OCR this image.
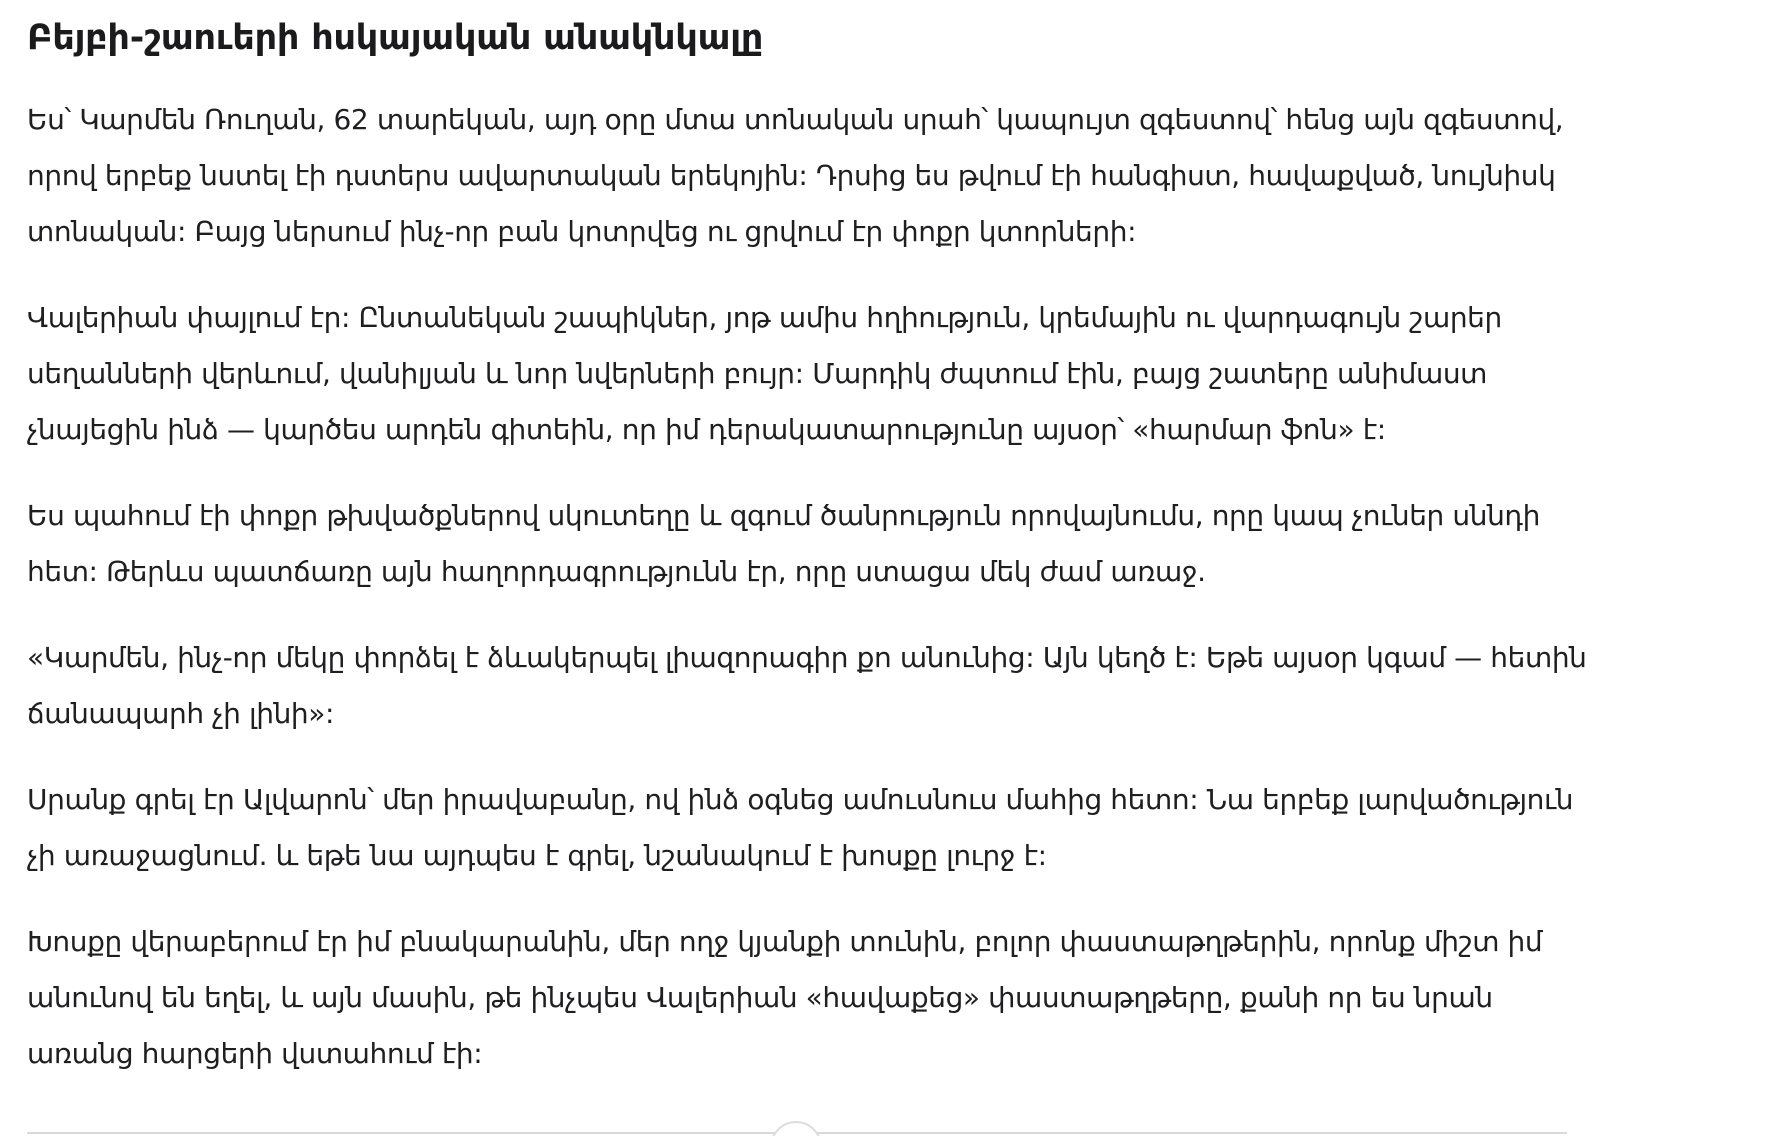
Բեյբի-շաուերի հսկայական անակնկալը

Ես՝ Կարմեն Ռուղան, 62 տարեկան, այդ օրը մտա տոնական սրահ՝ կապույտ զգեստով՝ հենց այն զգեստով, որով երբեք նստել էի դստերս ավարտական երեկոյին: Դրսից ես թվում էի հանգիստ, հավաքված, նույնիսկ տոնական: Բայց ներսում ինչ-որ բան կոտրվեց ու ցրվում էր փոքր կտորների:

Վալերիան փայլում էր: Ընտանեկան շապիկներ, յոթ ամիս հղիություն, կրեմային ու վարդագույն շարեր սեղանների վերևում, վանիլյան և նոր նվերների բույր: Մարդիկ ժպտում էին, բայց շատերը անիմաստ չնայեցին ինձ — կարծես արդեն գիտեին, որ իմ դերակատարությունը այսօր՝ «հարմար ֆոն» է:

Ես պահում էի փոքր թխվածքներով սկուտեղը և զգում ծանրություն որովայնումս, որը կապ չուներ սննդի հետ: Թերևս պատճառը այն հաղորդագրությունն էր, որը ստացա մեկ ժամ առաջ.

«Կարմեն, ինչ-որ մեկը փորձել է ձևակերպել լիազորագիր քո անունից: Այն կեղծ է: Եթե այսօր կգամ — հետին ճանապարհ չի լինի»:

Սրանք գրել էր Ալվարոն՝ մեր իրավաբանը, ով ինձ օգնեց ամուսնուս մահից հետո: Նա երբեք լարվածություն չի առաջացնում. և եթե նա այդպես է գրել, նշանակում է խոսքը լուրջ է:

Խոսքը վերաբերում էր իմ բնակարանին, մեր ողջ կյանքի տունին, բոլոր փաստաթղթերին, որոնք միշտ իմ անունով են եղել, և այն մասին, թե ինչպես Վալերիան «հավաքեց» փաստաթղթերը, քանի որ ես նրան առանց հարցերի վստահում էի:
